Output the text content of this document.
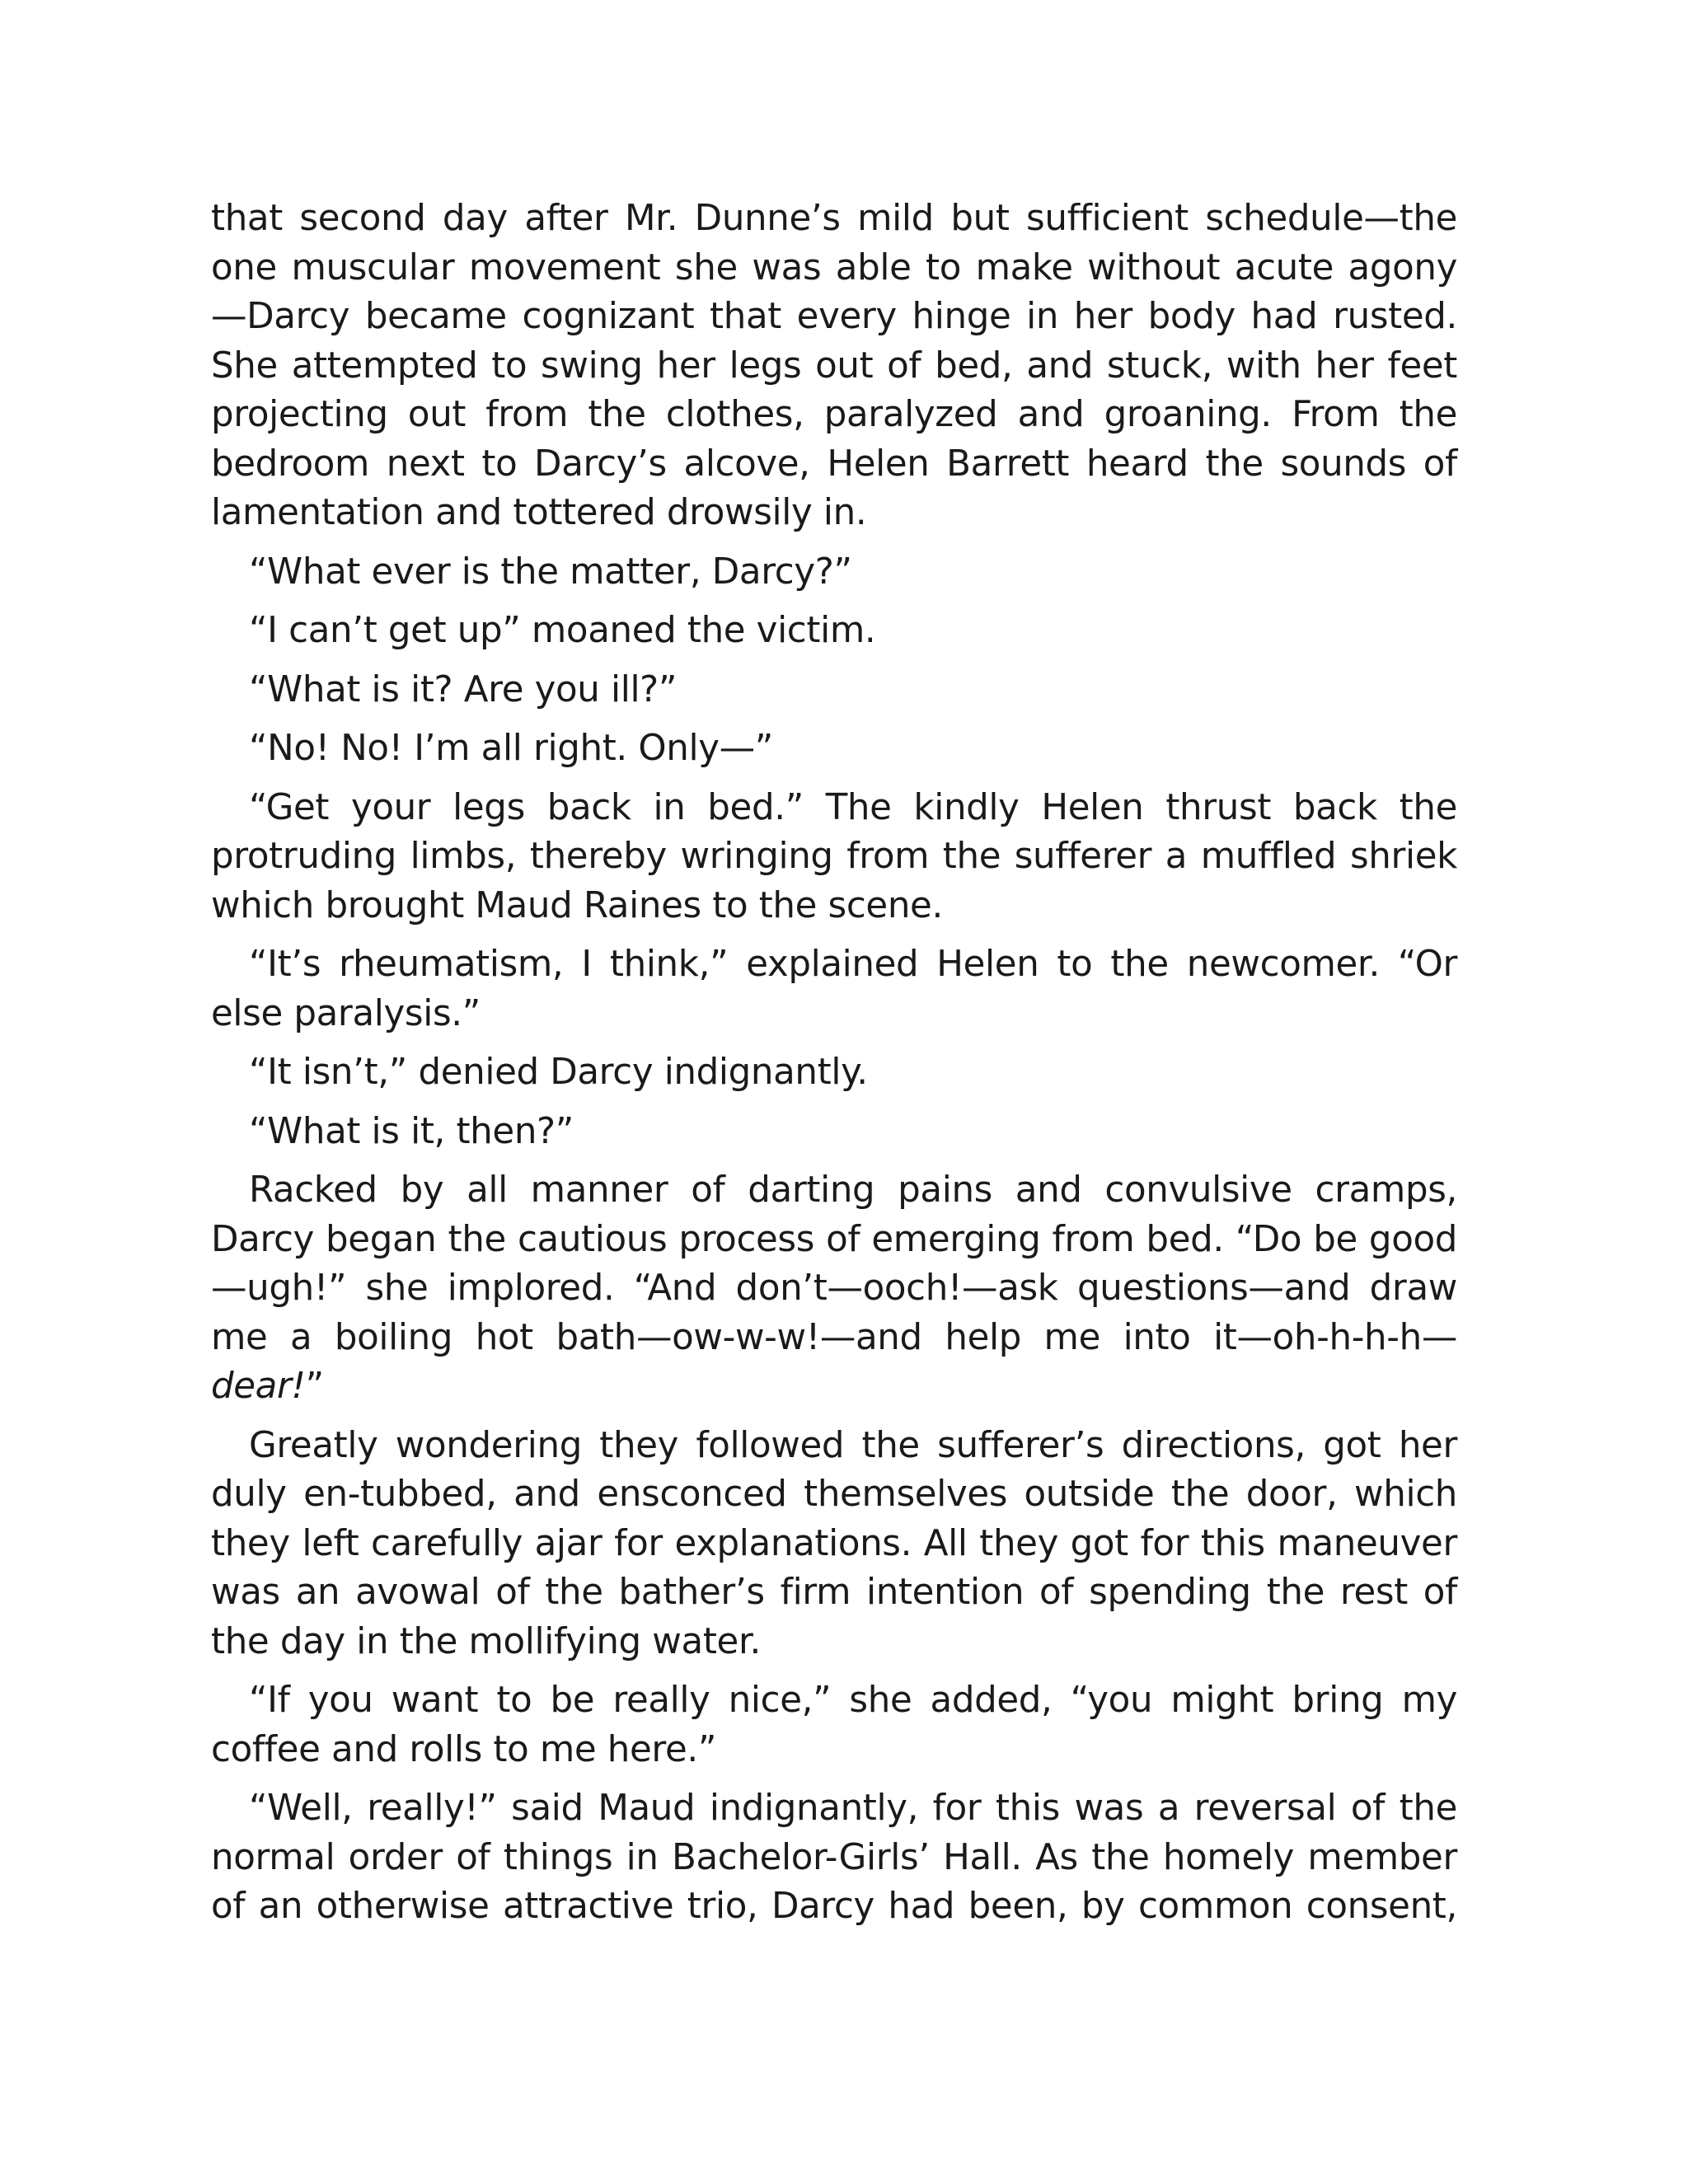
that second day after Mr. Dunne’s mild but sufficient schedule—the one muscular movement she was able to make without acute agony —Darcy became cognizant that every hinge in her body had rusted. She attempted to swing her legs out of bed, and stuck, with her feet projecting out from the clothes, paralyzed and groaning. From the bedroom next to Darcy’s alcove, Helen Barrett heard the sounds of lamentation and tottered drowsily in.

“What ever is the matter, Darcy?”

“I can’t get up” moaned the victim.

“What is it? Are you ill?”

“No! No! I’m all right. Only—”

“Get your legs back in bed.” The kindly Helen thrust back the protruding limbs, thereby wringing from the sufferer a muffled shriek which brought Maud Raines to the scene.

“It’s rheumatism, I think,” explained Helen to the newcomer. “Or else paralysis.”

“It isn’t,” denied Darcy indignantly.

“What is it, then?”

Racked by all manner of darting pains and convulsive cramps, Darcy began the cautious process of emerging from bed. “Do be good—ugh!” she implored. “And don’t—ooch!—ask questions—and draw me a boiling hot bath—ow-w-w!—and help me into it—oh-h-h-h—dear!”

Greatly wondering they followed the sufferer’s directions, got her duly en-tubbed, and ensconced themselves outside the door, which they left carefully ajar for explanations. All they got for this maneuver was an avowal of the bather’s firm intention of spending the rest of the day in the mollifying water.

“If you want to be really nice,” she added, “you might bring my coffee and rolls to me here.”

“Well, really!” said Maud indignantly, for this was a reversal of the normal order of things in Bachelor-Girls’ Hall. As the homely member of an otherwise attractive trio, Darcy had been, by common consent,
